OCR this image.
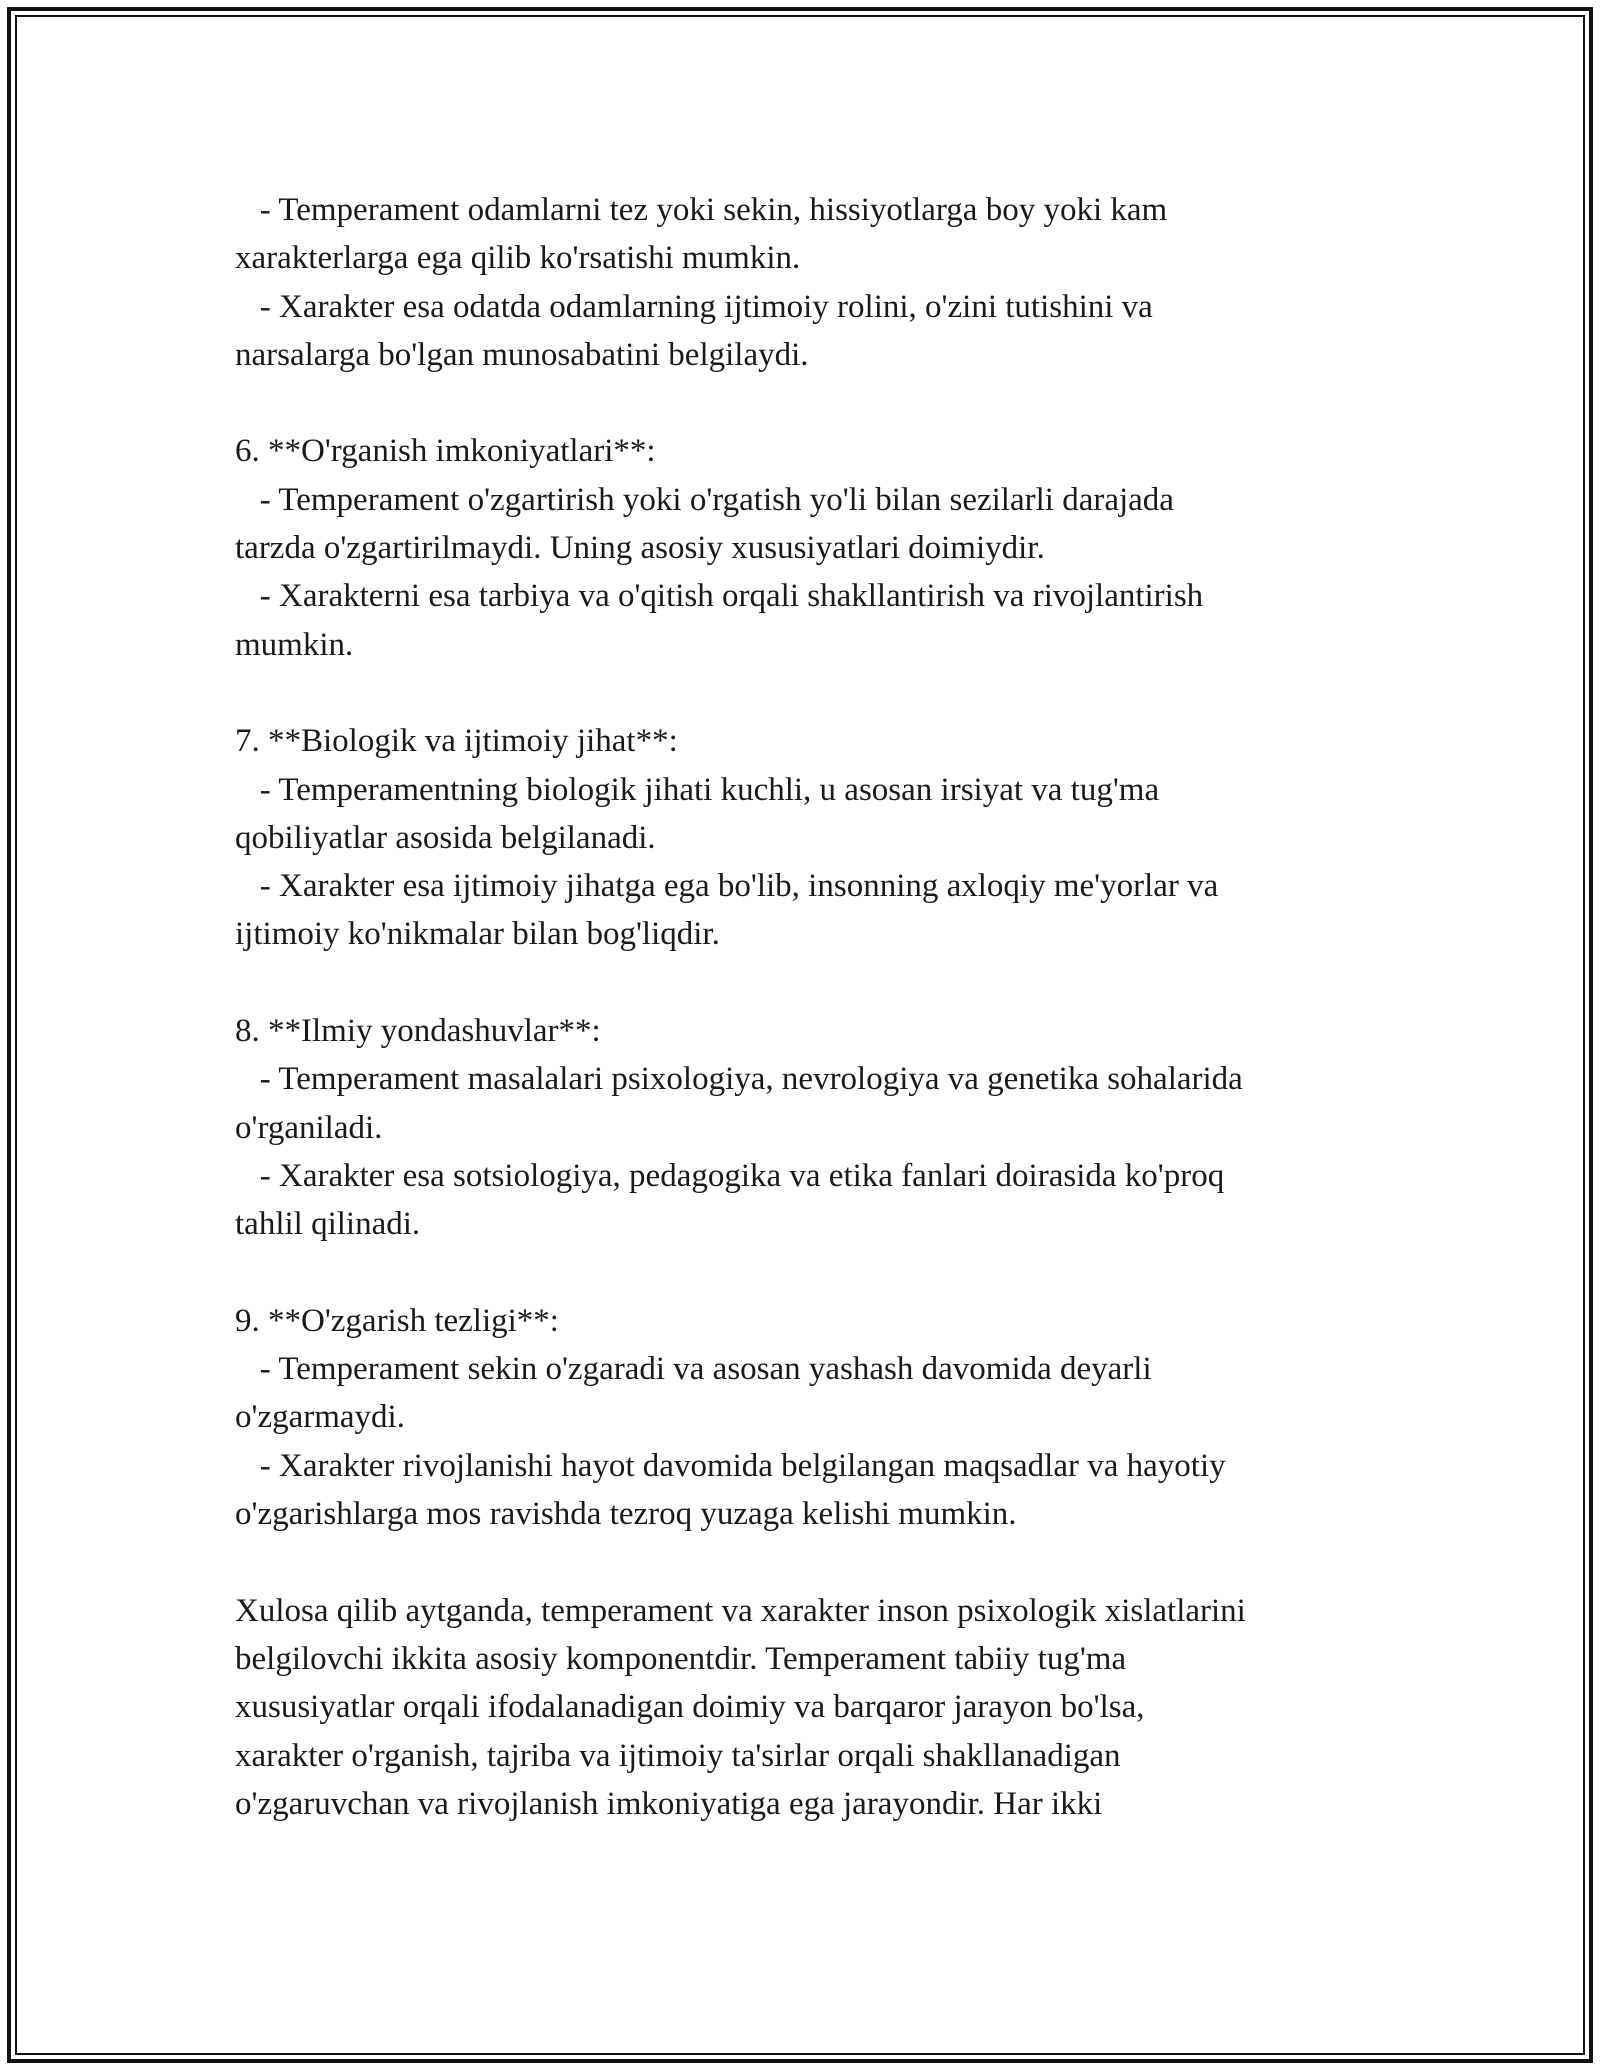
- Temperament odamlarni tez yoki sekin, hissiyotlarga boy yoki kam
xarakterlarga ega qilib ko'rsatishi mumkin.
- Xarakter esa odatda odamlarning ijtimoiy rolini, o'zini tutishini va
narsalarga bo'lgan munosabatini belgilaydi.
6. **O'rganish imkoniyatlari**:
- Temperament o'zgartirish yoki o'rgatish yo'li bilan sezilarli darajada
tarzda o'zgartirilmaydi. Uning asosiy xususiyatlari doimiydir.
- Xarakterni esa tarbiya va o'qitish orqali shakllantirish va rivojlantirish
mumkin.
7. **Biologik va ijtimoiy jihat**:
- Temperamentning biologik jihati kuchli, u asosan irsiyat va tug'ma
qobiliyatlar asosida belgilanadi.
- Xarakter esa ijtimoiy jihatga ega bo'lib, insonning axloqiy me'yorlar va
ijtimoiy ko'nikmalar bilan bog'liqdir.
8. **Ilmiy yondashuvlar**:
- Temperament masalalari psixologiya, nevrologiya va genetika sohalarida
o'rganiladi.
- Xarakter esa sotsiologiya, pedagogika va etika fanlari doirasida ko'proq
tahlil qilinadi.
9. **O'zgarish tezligi**:
- Temperament sekin o'zgaradi va asosan yashash davomida deyarli
o'zgarmaydi.
- Xarakter rivojlanishi hayot davomida belgilangan maqsadlar va hayotiy
o'zgarishlarga mos ravishda tezroq yuzaga kelishi mumkin.
Xulosa qilib aytganda, temperament va xarakter inson psixologik xislatlarini
belgilovchi ikkita asosiy komponentdir. Temperament tabiiy tug'ma
xususiyatlar orqali ifodalanadigan doimiy va barqaror jarayon bo'lsa,
xarakter o'rganish, tajriba va ijtimoiy ta'sirlar orqali shakllanadigan
o'zgaruvchan va rivojlanish imkoniyatiga ega jarayondir. Har ikki
